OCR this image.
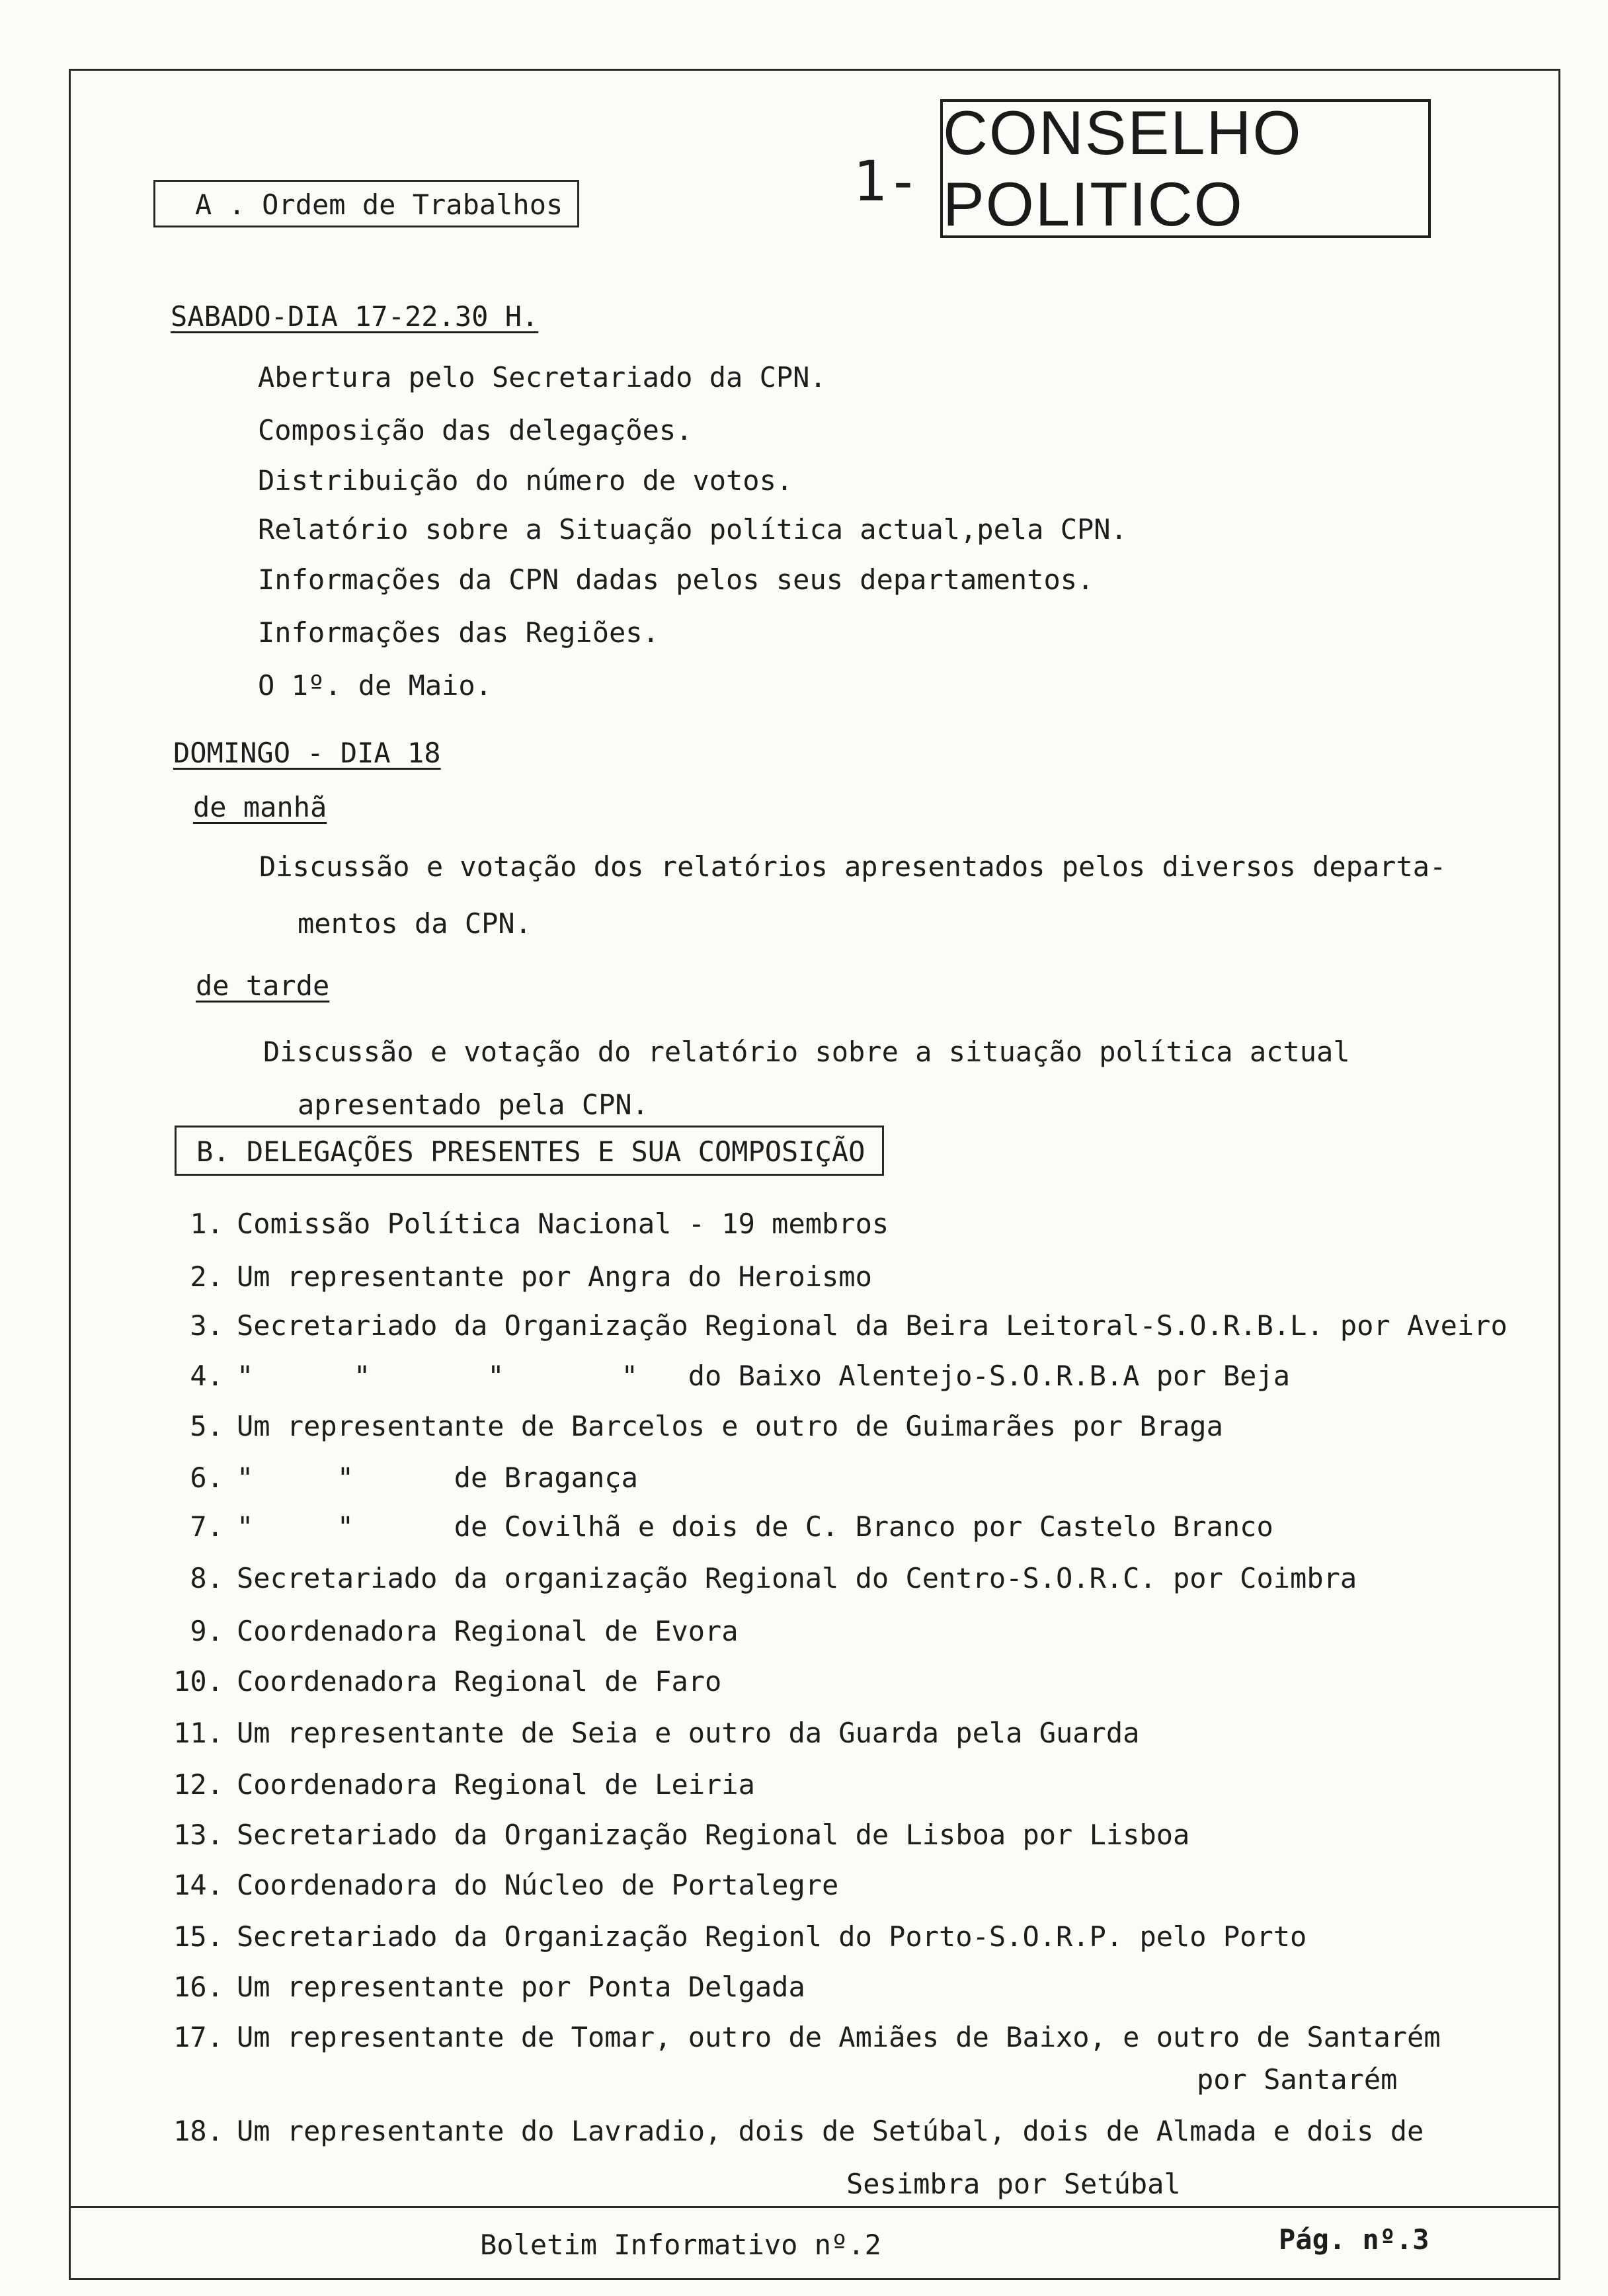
A . Ordem de Trabalhos	1-
CONSELHO POLITICO
SABADO-DIA 17-22.30 H.
Abertura pelo Secretariado da CPN.
Composição das delegações.
Distribuição do número de votos.
Relatório sobre a Situação política actual,pela CPN.
Informações da CPN dadas pelos seus departamentos.
Informações das Regiões.
O 1º. de Maio.
DOMINGO - DIA 18
de manhã
Discussão e votação dos relatórios apresentados pelos diversos departa-
mentos da CPN.
de tarde
Discussão e votação do relatório sobre a situação política actual
apresentado pela CPN.
B. DELEGAÇÕES PRESENTES E SUA COMPOSIÇÃO
1. Comissão Política Nacional - 19 membros
2. Um representante por Angra do Heroismo
3. Secretariado da Organização Regional da Beira Leitoral-S.O.R.B.L. por Aveiro
4. "      "       "       "   do Baixo Alentejo-S.O.R.B.A por Beja
5. Um representante de Barcelos e outro de Guimarães por Braga
6. "     "      de Bragança
7. "     "      de Covilhã e dois de C. Branco por Castelo Branco
8. Secretariado da organização Regional do Centro-S.O.R.C. por Coimbra
9. Coordenadora Regional de Evora
10. Coordenadora Regional de Faro
11. Um representante de Seia e outro da Guarda pela Guarda
12. Coordenadora Regional de Leiria
13. Secretariado da Organização Regional de Lisboa por Lisboa
14. Coordenadora do Núcleo de Portalegre
15. Secretariado da Organização Regionl do Porto-S.O.R.P. pelo Porto
16. Um representante por Ponta Delgada
17. Um representante de Tomar, outro de Amiães de Baixo, e outro de Santarém
por Santarém
18. Um representante do Lavradio, dois de Setúbal, dois de Almada e dois de
Sesimbra por Setúbal
Boletim Informativo nº.2	Pág. nº.3
